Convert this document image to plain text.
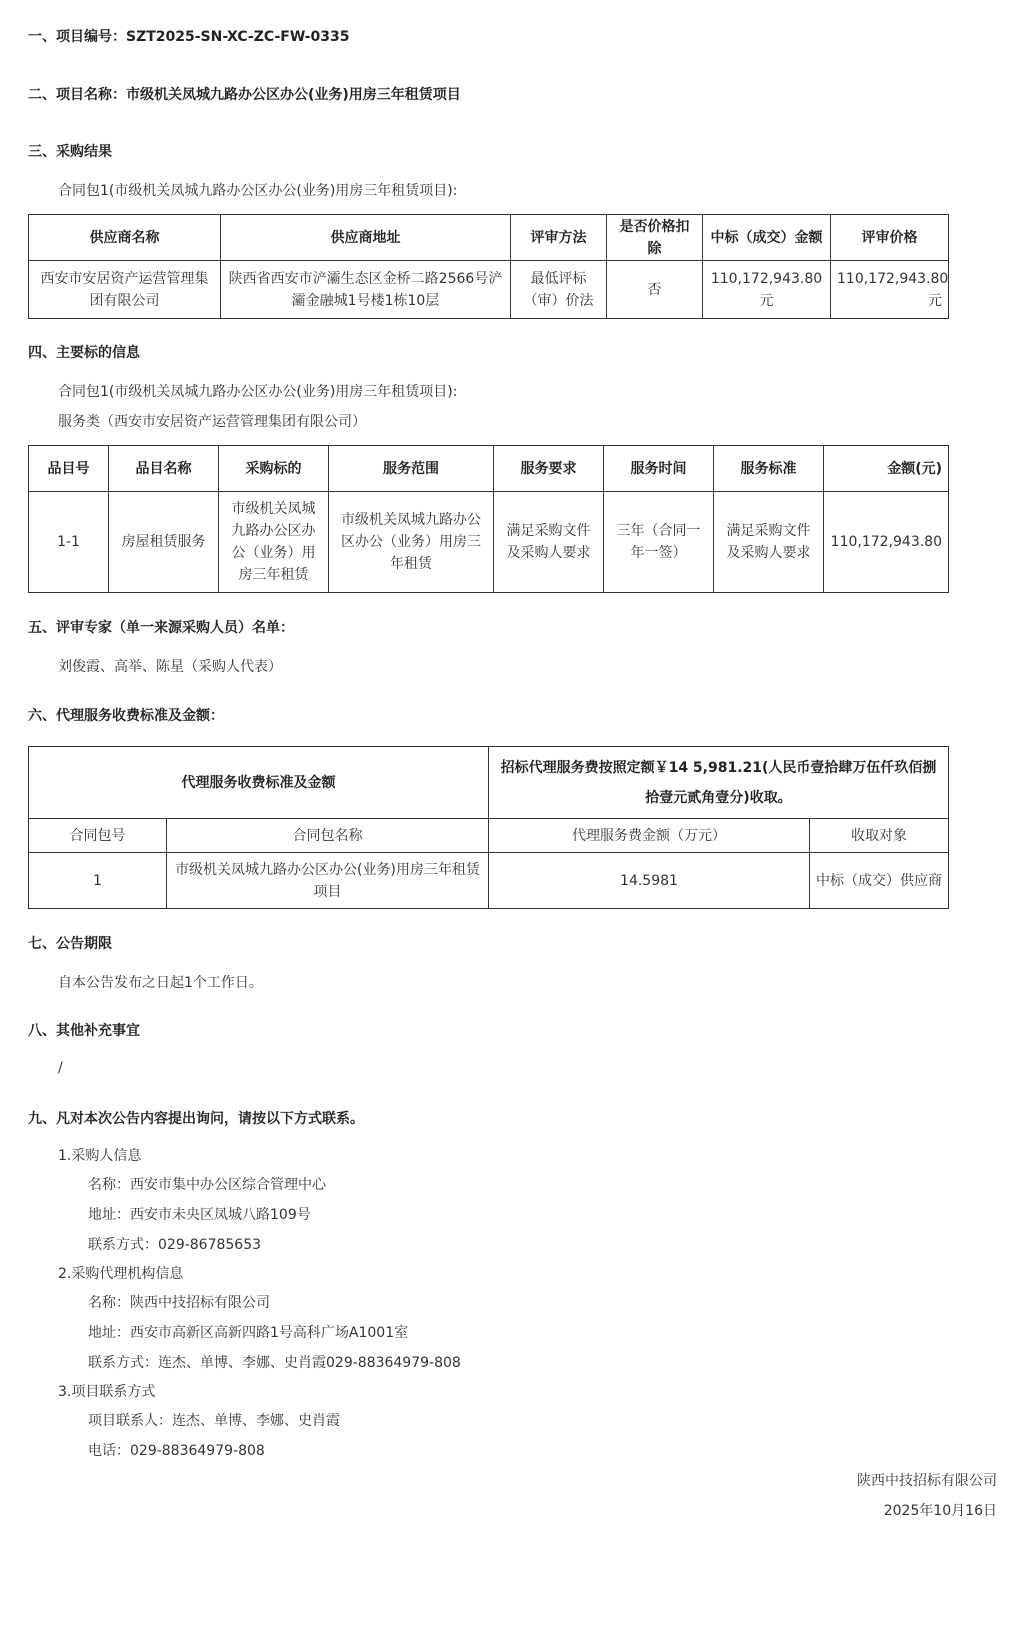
一、项目编号：SZT2025-SN-XC-ZC-FW-0335
二、项目名称：市级机关凤城九路办公区办公(业务)用房三年租赁项目
三、采购结果
合同包1(市级机关凤城九路办公区办公(业务)用房三年租赁项目):
供应商名称	供应商地址	评审方法	是否价格扣除	中标（成交）金额	评审价格
西安市安居资产运营管理集团有限公司	陕西省西安市浐灞生态区金桥二路2566号浐灞金融城1号楼1栋10层	最低评标（审）价法	否	110,172,943.80元	110,172,943.80元
四、主要标的信息
合同包1(市级机关凤城九路办公区办公(业务)用房三年租赁项目):
服务类（西安市安居资产运营管理集团有限公司）
品目号	品目名称	采购标的	服务范围	服务要求	服务时间	服务标准	金额(元)
1-1	房屋租赁服务	市级机关凤城九路办公区办公（业务）用房三年租赁	市级机关凤城九路办公区办公（业务）用房三年租赁	满足采购文件及采购人要求	三年（合同一年一签）	满足采购文件及采购人要求	110,172,943.80
五、评审专家（单一来源采购人员）名单：
刘俊霞、高举、陈星（采购人代表）
六、代理服务收费标准及金额：
代理服务收费标准及金额		招标代理服务费按照定额￥14 5,981.21(人民币壹拾肆万伍仟玖佰捌拾壹元贰角壹分)收取。	
合同包号	合同包名称	代理服务费金额（万元）	收取对象
1	市级机关凤城九路办公区办公(业务)用房三年租赁项目	14.5981	中标（成交）供应商
七、公告期限
自本公告发布之日起1个工作日。
八、其他补充事宜
/
九、凡对本次公告内容提出询问，请按以下方式联系。
1.采购人信息
名称：西安市集中办公区综合管理中心
地址：西安市未央区凤城八路109号
联系方式：029-86785653
2.采购代理机构信息
名称：陕西中技招标有限公司
地址：西安市高新区高新四路1号高科广场A1001室
联系方式：连杰、单博、李娜、史肖霞029-88364979-808
3.项目联系方式
项目联系人：连杰、单博、李娜、史肖霞
电话：029-88364979-808
陕西中技招标有限公司
2025年10月16日
